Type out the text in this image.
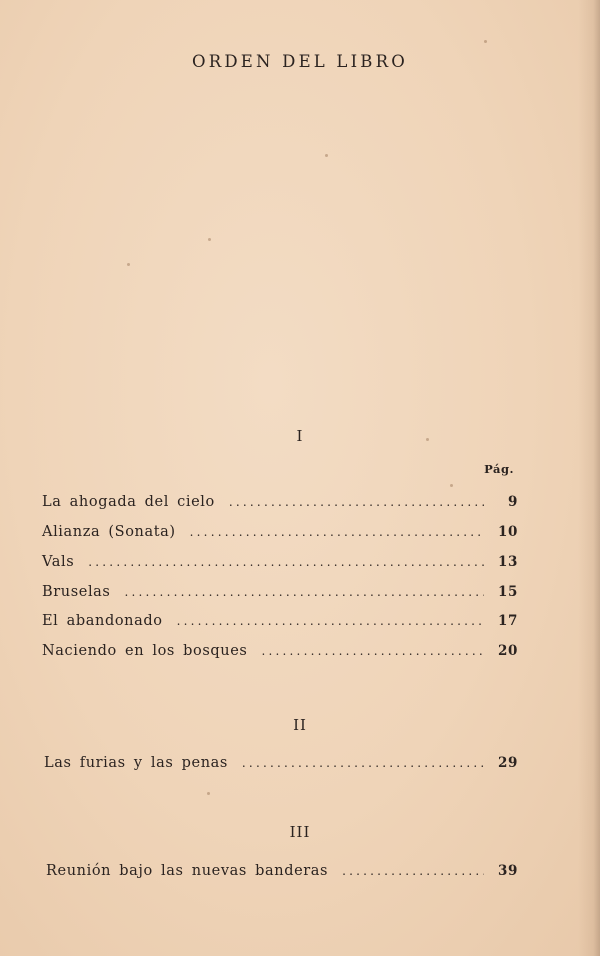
ORDEN DEL LIBRO
I
Pág.
La ahogada del cielo .....	9
Alianza (Sonata) .....	10
Vals .....	13
Bruselas .....	15
El abandonado .....	17
Naciendo en los bosques .....	20
II
Las furias y las penas .....	29
III
Reunión bajo las nuevas banderas .....	39
